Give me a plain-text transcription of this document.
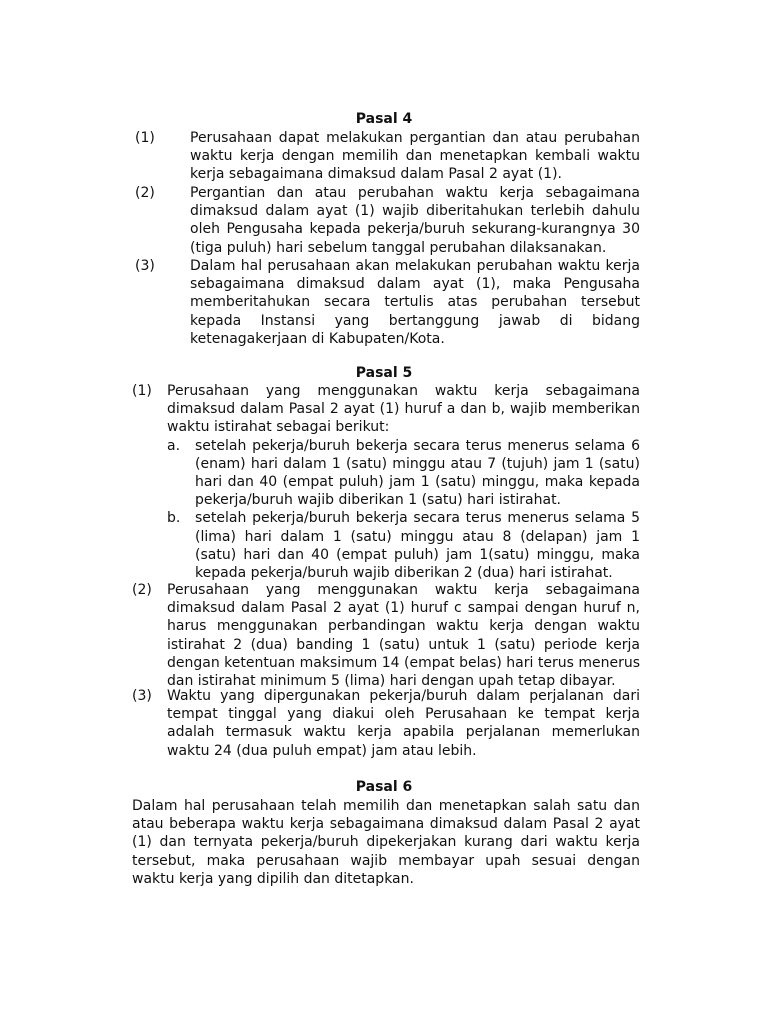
Pasal 4
(1)	Perusahaan dapat melakukan pergantian dan atau perubahan waktu kerja dengan memilih dan menetapkan kembali waktu kerja sebagaimana dimaksud dalam Pasal 2 ayat (1).
(2)	Pergantian dan atau perubahan waktu kerja sebagaimana dimaksud dalam ayat (1) wajib diberitahukan terlebih dahulu oleh Pengusaha kepada pekerja/buruh sekurang-kurangnya 30 (tiga puluh) hari sebelum tanggal perubahan dilaksanakan.
(3)	Dalam hal perusahaan akan melakukan perubahan waktu kerja sebagaimana dimaksud dalam ayat (1), maka Pengusaha memberitahukan secara tertulis atas perubahan tersebut kepada Instansi yang bertanggung jawab di bidang ketenagakerjaan di Kabupaten/Kota.
Pasal 5
(1) Perusahaan yang menggunakan waktu kerja sebagaimana dimaksud dalam Pasal 2 ayat (1) huruf a dan b, wajib memberikan waktu istirahat sebagai berikut:
a. setelah pekerja/buruh bekerja secara terus menerus selama 6 (enam) hari dalam 1 (satu) minggu atau 7 (tujuh) jam 1 (satu) hari dan 40 (empat puluh) jam 1 (satu) minggu, maka kepada pekerja/buruh wajib diberikan 1 (satu) hari istirahat.
b. setelah pekerja/buruh bekerja secara terus menerus selama 5 (lima) hari dalam 1 (satu) minggu atau 8 (delapan) jam 1 (satu) hari dan 40 (empat puluh) jam 1(satu) minggu, maka kepada pekerja/buruh wajib diberikan 2 (dua) hari istirahat.
(2) Perusahaan yang menggunakan waktu kerja sebagaimana dimaksud dalam Pasal 2 ayat (1) huruf c sampai dengan huruf n, harus menggunakan perbandingan waktu kerja dengan waktu istirahat 2 (dua) banding 1 (satu) untuk 1 (satu) periode kerja dengan ketentuan maksimum 14 (empat belas) hari terus menerus dan istirahat minimum 5 (lima) hari dengan upah tetap dibayar.
(3) Waktu yang dipergunakan pekerja/buruh dalam perjalanan dari tempat tinggal yang diakui oleh Perusahaan ke tempat kerja adalah termasuk waktu kerja apabila perjalanan memerlukan waktu 24 (dua puluh empat) jam atau lebih.
Pasal 6
Dalam hal perusahaan telah memilih dan menetapkan salah satu dan atau beberapa waktu kerja sebagaimana dimaksud dalam Pasal 2 ayat (1) dan ternyata pekerja/buruh dipekerjakan kurang dari waktu kerja tersebut, maka perusahaan wajib membayar upah sesuai dengan waktu kerja yang dipilih dan ditetapkan.
